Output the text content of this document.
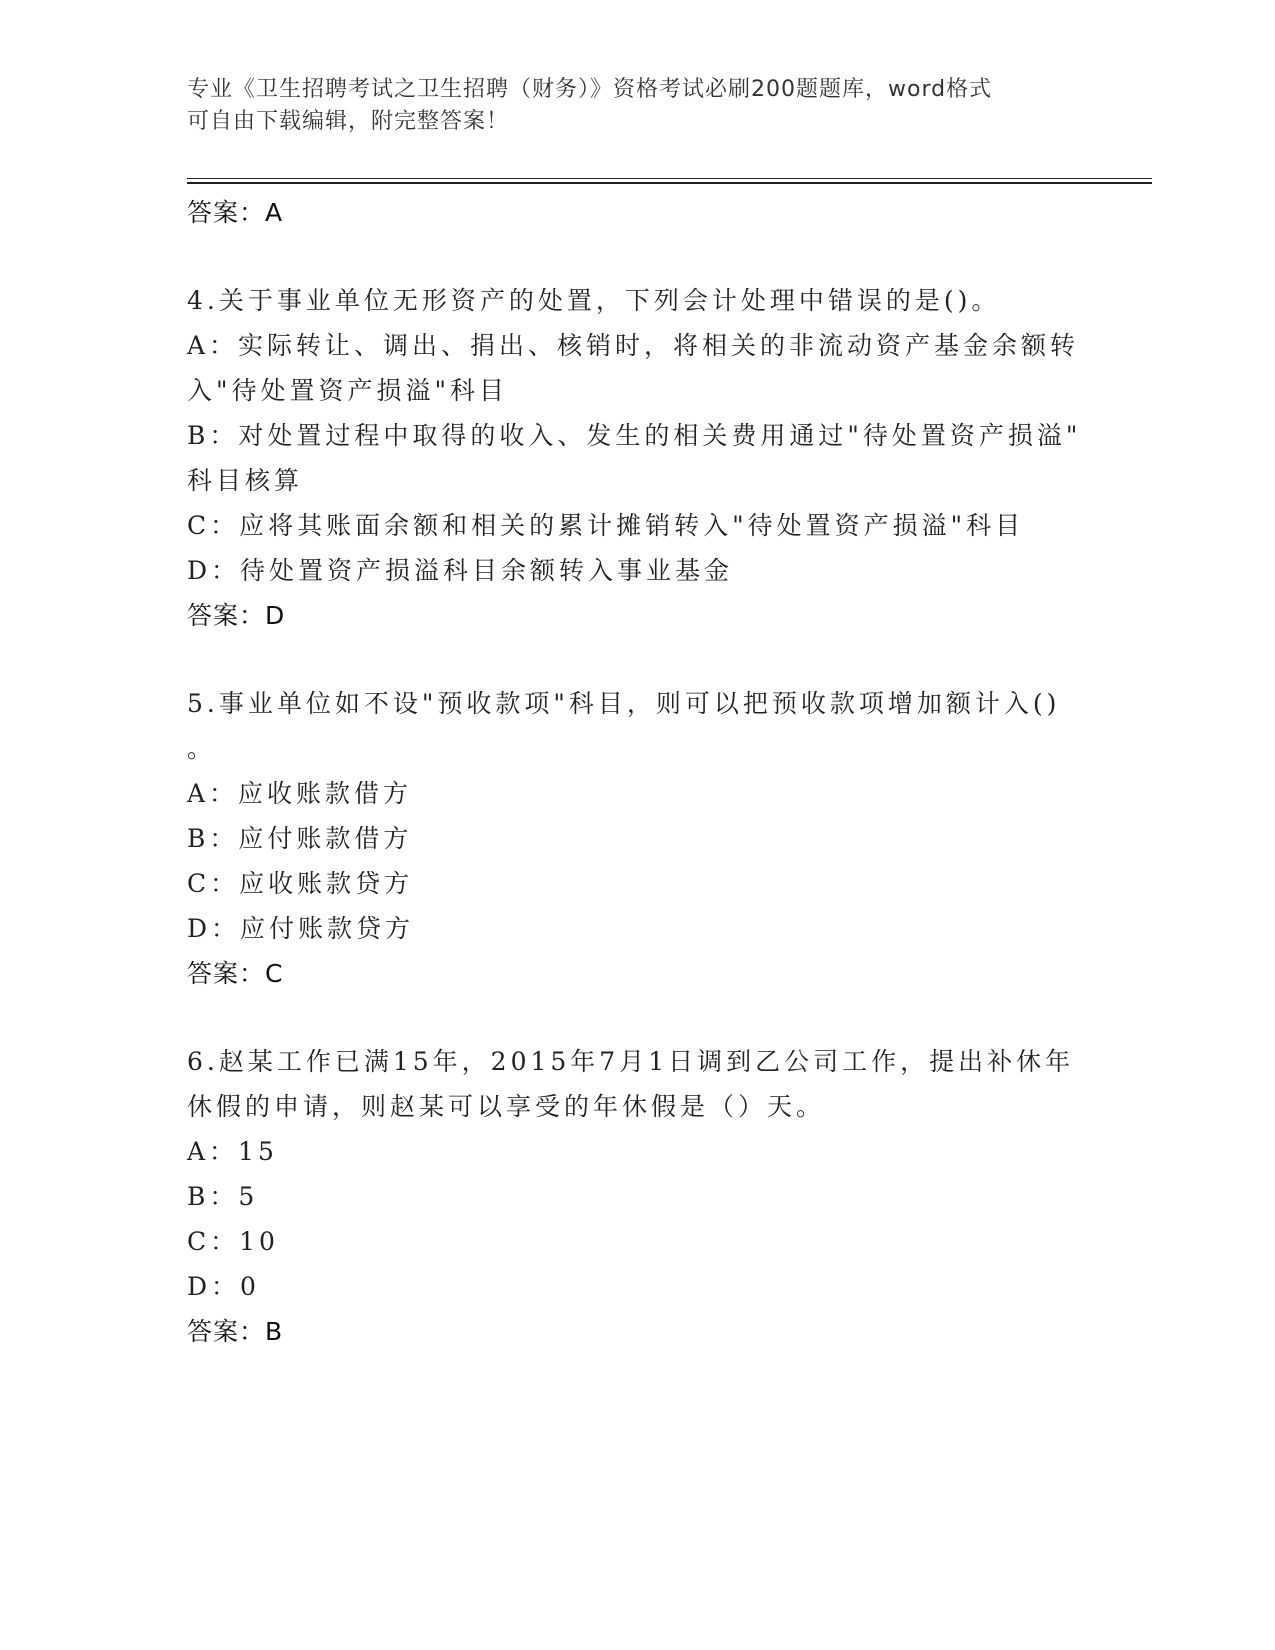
专业《卫生招聘考试之卫生招聘（财务）》资格考试必刷200题题库，word格式
可自由下载编辑，附完整答案！
答案：A
4.关于事业单位无形资产的处置，下列会计处理中错误的是()。
A：实际转让、调出、捐出、核销时，将相关的非流动资产基金余额转
入"待处置资产损溢"科目
B：对处置过程中取得的收入、发生的相关费用通过"待处置资产损溢"
科目核算
C：应将其账面余额和相关的累计摊销转入"待处置资产损溢"科目
D：待处置资产损溢科目余额转入事业基金
答案：D
5.事业单位如不设"预收款项"科目，则可以把预收款项增加额计入()
。
A：应收账款借方
B：应付账款借方
C：应收账款贷方
D：应付账款贷方
答案：C
6.赵某工作已满15年，2015年7月1日调到乙公司工作，提出补休年
休假的申请，则赵某可以享受的年休假是（）天。
A：15
B：5
C：10
D：0
答案：B
